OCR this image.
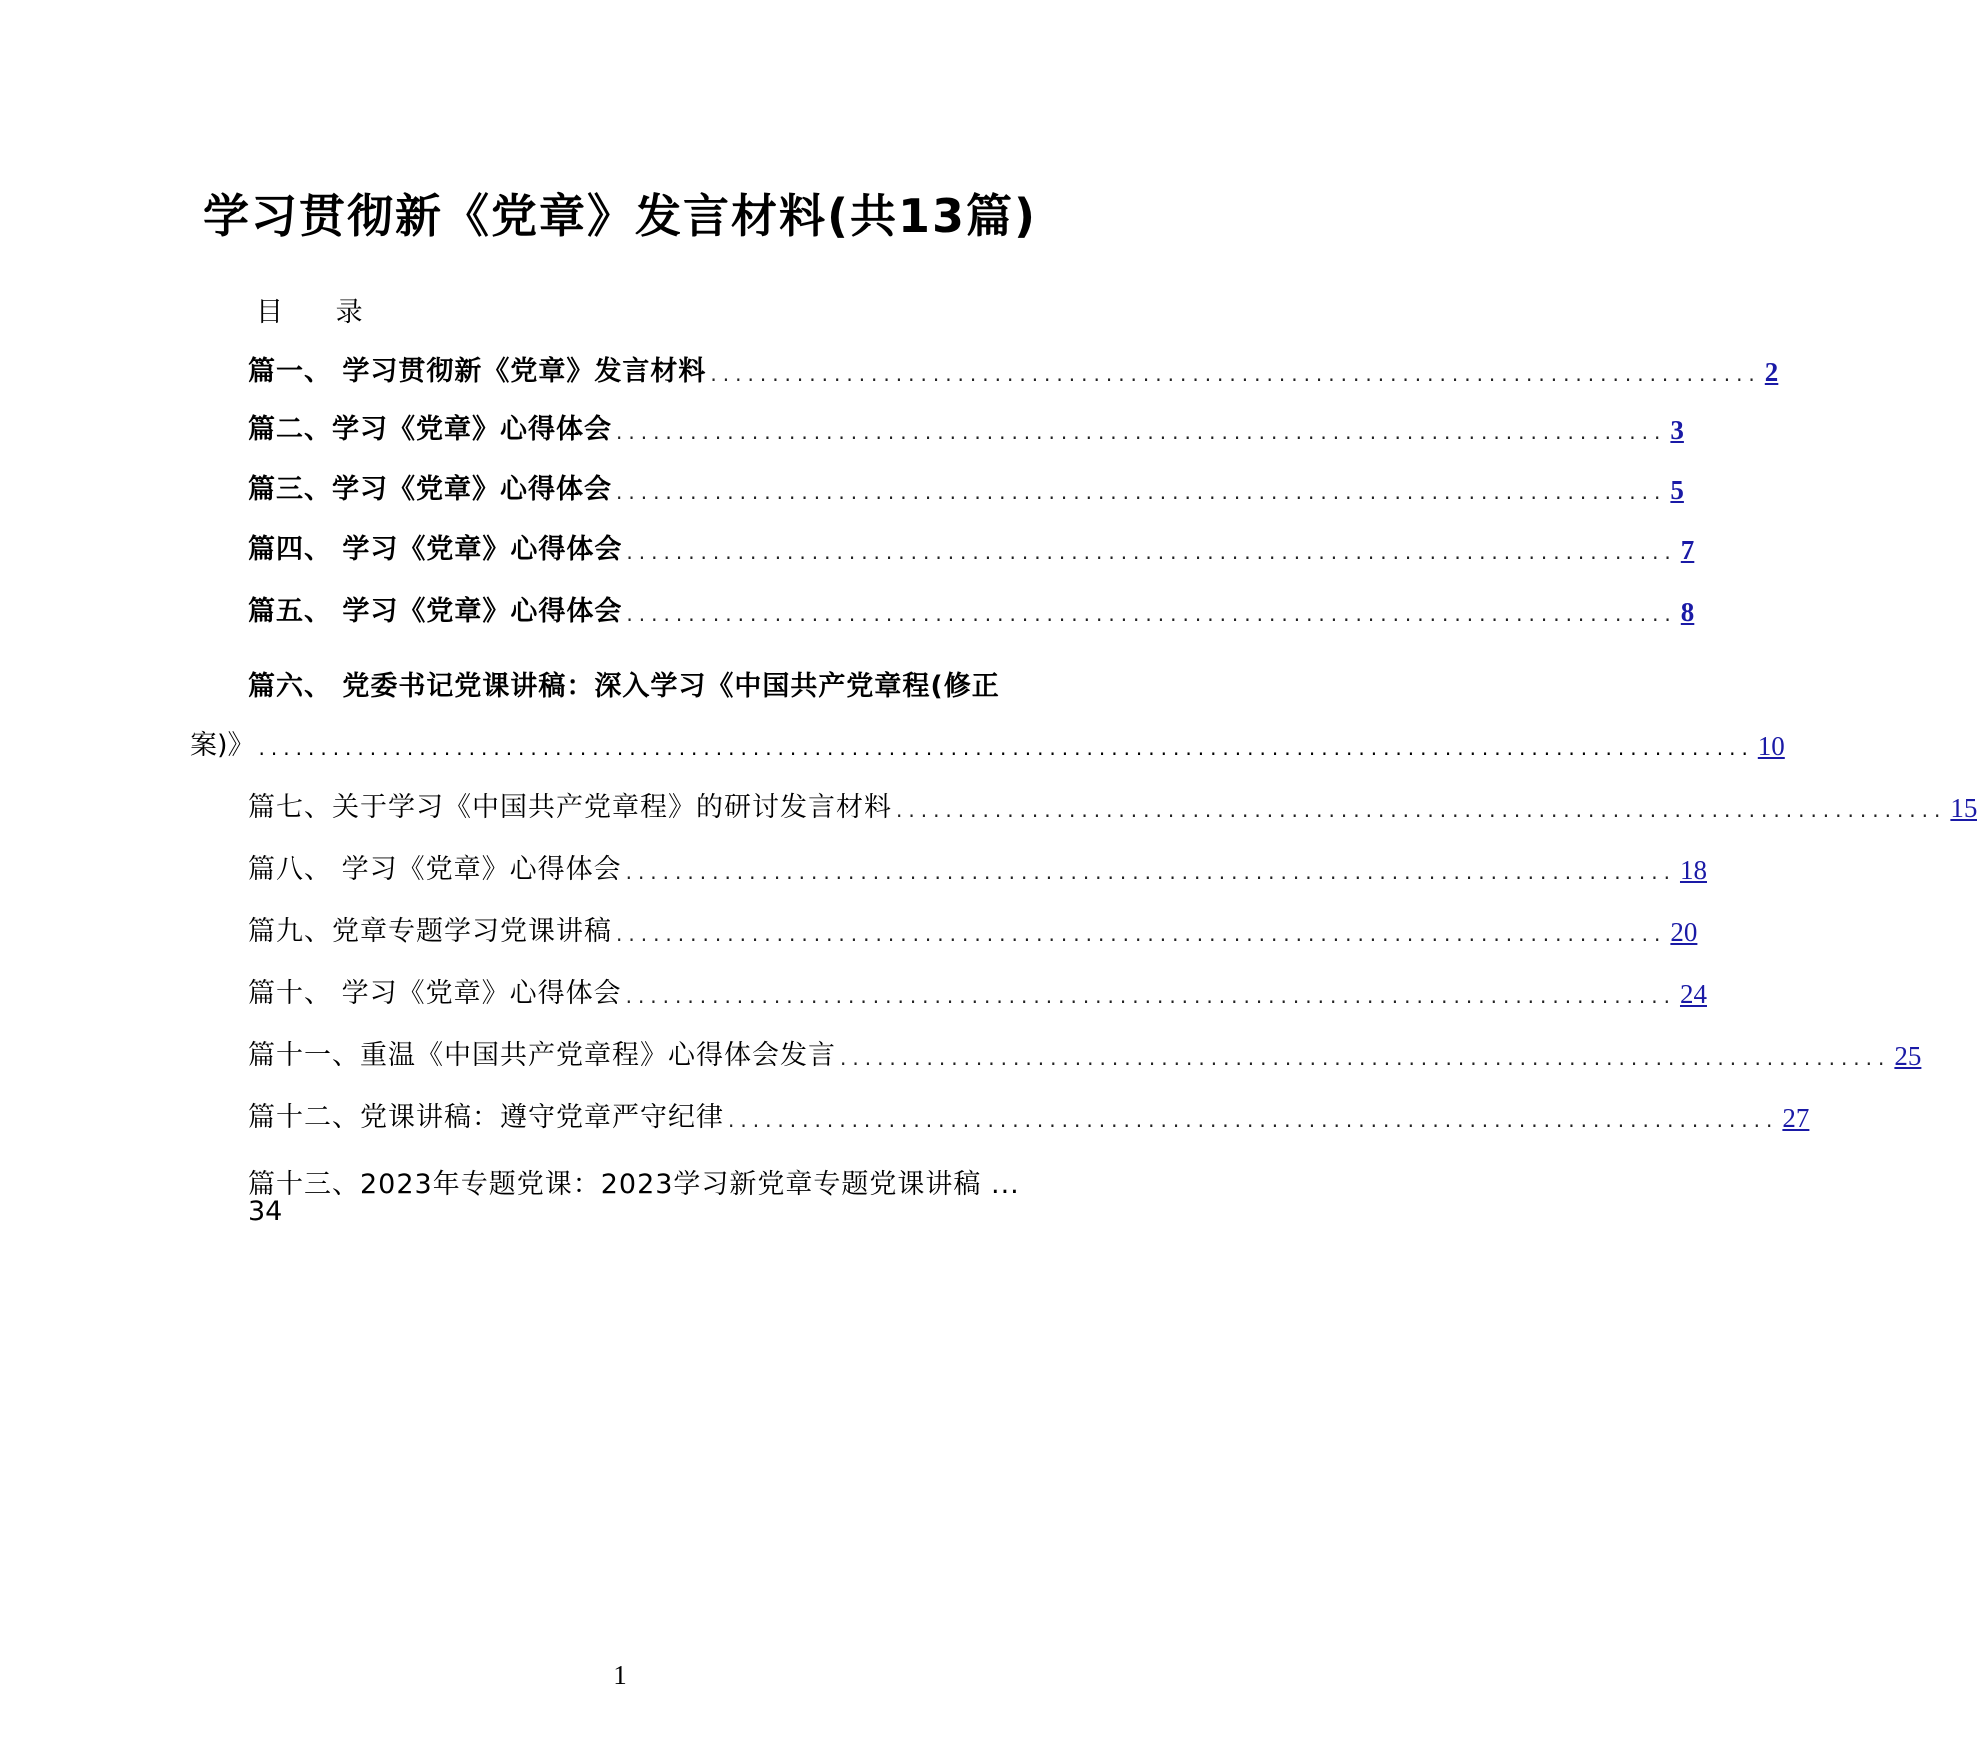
学习贯彻新《党章》发言材料(共13篇)
目 录
篇一、 学习贯彻新《党章》发言材料 ..................................................................................... 2
篇二、学习《党章》心得体会 ..................................................................................... 3
篇三、学习《党章》心得体会 ..................................................................................... 5
篇四、 学习《党章》心得体会 ..................................................................................... 7
篇五、 学习《党章》心得体会 ..................................................................................... 8
篇六、 党委书记党课讲稿：深入学习《中国共产党章程(修正
案)》 ......................................................................................................................... 10
篇七、关于学习《中国共产党章程》的研讨发言材料 ..................................................................................... 15
篇八、 学习《党章》心得体会 ..................................................................................... 18
篇九、党章专题学习党课讲稿 ..................................................................................... 20
篇十、 学习《党章》心得体会 ..................................................................................... 24
篇十一、重温《中国共产党章程》心得体会发言 ..................................................................................... 25
篇十二、党课讲稿：遵守党章严守纪律 ..................................................................................... 27
篇十三、2023年专题党课：2023学习新党章专题党课讲稿 ...
34
1
